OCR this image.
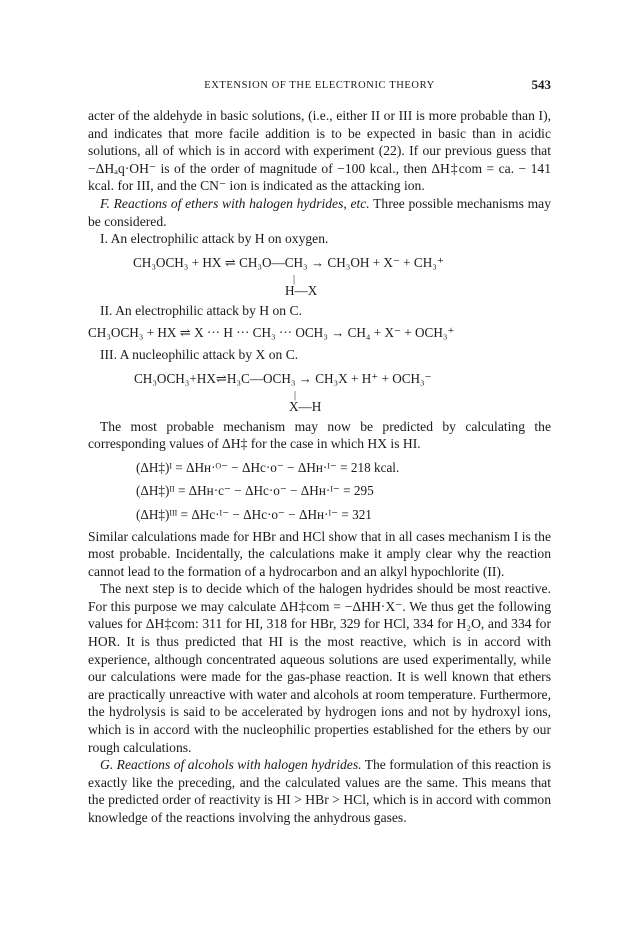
EXTENSION OF THE ELECTRONIC THEORY	543

acter of the aldehyde in basic solutions, (i.e., either II or III is more probable than I), and indicates that more facile addition is to be expected in basic than in acidic solutions, all of which is in accord with experiment (22). If our previous guess that −ΔHₐq·OH⁻ is of the order of magnitude of −100 kcal., then ΔH‡com = ca. − 141 kcal. for III, and the CN⁻ ion is indicated as the attacking ion.

F. Reactions of ethers with halogen hydrides, etc. Three possible mechanisms may be considered.

I. An electrophilic attack by H on oxygen.

CH₃OCH₃ + HX ⇌ CH₃O—CH₃ → CH₃OH + X⁻ + CH₃⁺
|
H—X

II. An electrophilic attack by H on C.

CH₃OCH₃ + HX ⇌ X ··· H ··· CH₃ ··· OCH₃ → CH₄ + X⁻ + OCH₃⁺

III. A nucleophilic attack by X on C.

CH₃OCH₃+HX⇌H₃C—OCH₃ → CH₃X + H⁺ + OCH₃⁻
|
X—H

The most probable mechanism may now be predicted by calculating the corresponding values of ΔH‡ for the case in which HX is HI.

(ΔH‡)ᴵ = ΔHʜ·ᴼ⁻ − ΔHc·o⁻ − ΔHʜ·ᴵ⁻ = 218 kcal.
(ΔH‡)ᴵᴵ = ΔHʜ·c⁻ − ΔHc·o⁻ − ΔHʜ·ᴵ⁻ = 295
(ΔH‡)ᴵᴵᴵ = ΔHc·ᴵ⁻ − ΔHc·o⁻ − ΔHʜ·ᴵ⁻ = 321

Similar calculations made for HBr and HCl show that in all cases mechanism I is the most probable. Incidentally, the calculations make it amply clear why the reaction cannot lead to the formation of a hydrocarbon and an alkyl hypochlorite (II).

The next step is to decide which of the halogen hydrides should be most reactive. For this purpose we may calculate ΔH‡com = −ΔHH·X⁻. We thus get the following values for ΔH‡com: 311 for HI, 318 for HBr, 329 for HCl, 334 for H₂O, and 334 for HOR. It is thus predicted that HI is the most reactive, which is in accord with experience, although concentrated aqueous solutions are used experimentally, while our calculations were made for the gas-phase reaction. It is well known that ethers are practically unreactive with water and alcohols at room temperature. Furthermore, the hydrolysis is said to be accelerated by hydrogen ions and not by hydroxyl ions, which is in accord with the nucleophilic properties established for the ethers by our rough calculations.

G. Reactions of alcohols with halogen hydrides. The formulation of this reaction is exactly like the preceding, and the calculated values are the same. This means that the predicted order of reactivity is HI > HBr > HCl, which is in accord with common knowledge of the reactions involving the anhydrous gases.
